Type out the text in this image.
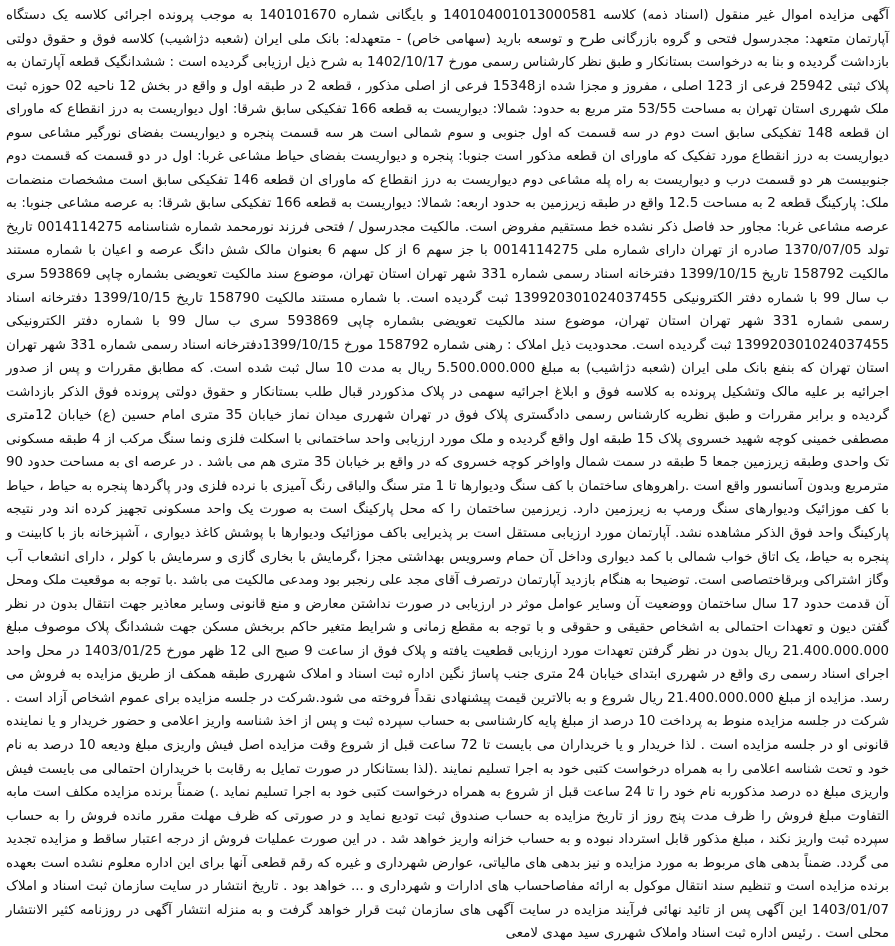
آگهی مزایده اموال غیر منقول (اسناد ذمه) کلاسه 140104001013000581 و بایگانی شماره 140101670 به موجب پرونده اجرائی کلاسه یک دستگاه آپارتمان متعهد: مجدرسول فتحی و گروه بازرگانی طرح و توسعه بارید (سهامی خاص) - متعهدله: بانک ملی ایران (شعبه دژاشیب) کلاسه فوق و حقوق دولتی بازداشت گردیده و بنا به درخواست بستانکار و طبق نظر کارشناس رسمی مورخ 1402/10/17 به شرح ذیل ارزیابی گردیده است : ششدانگیک قطعه آپارتمان به پلاک ثبتی 25942 فرعی از 123 اصلی ، مفروز و مجزا شده از15348 فرعی از اصلی مذکور ، قطعه 2 در طبقه اول و واقع در بخش 12 ناحیه 02 حوزه ثبت ملک شهرری استان تهران به مساحت 53/55 متر مربع به حدود: شمالا: دیواریست به قطعه 166 تفکیکی سابق شرقا: اول دیواریست به درز انقطاع که ماورای ان قطعه 148 تفکیکی سابق است دوم در سه قسمت که اول جنوبی و سوم شمالی است هر سه قسمت پنجره و دیواریست بفضای نورگیر مشاعی سوم دیواریست به درز انقطاع مورد تفکیک که ماورای ان قطعه مذکور است جنوبا: پنجره و دیواریست بفضای حیاط مشاعی غربا: اول در دو قسمت که قسمت دوم جنوبیست هر دو قسمت درب و دیواریست به راه پله مشاعی دوم دیواریست به درز انقطاع که ماورای ان قطعه 146 تفکیکی سابق است مشخصات منضمات ملک: پارکینگ قطعه 2 به مساحت 12.5 واقع در طبقه زیرزمین به حدود اربعه: شمالا: دیواریست به قطعه 166 تفکیکی سابق شرقا: به عرصه مشاعی جنوبا: به عرصه مشاعی غربا: مجاور حد فاصل ذکر نشده خط مستقیم مفروض است. مالکیت مجدرسول / فتحی فرزند نورمحمد شماره شناسنامه 0014114275 تاریخ تولد 1370/07/05 صادره از تهران دارای شماره ملی 0014114275 با جز سهم 6 از کل سهم 6 بعنوان مالک شش دانگ عرصه و اعیان با شماره مستند مالکیت 158792 تاریخ 1399/10/15 دفترخانه اسناد رسمی شماره 331 شهر تهران استان تهران، موضوع سند مالکیت تعویضی بشماره چاپی 593869 سری ب سال 99 با شماره دفتر الکترونیکی 139920301024037455 ثبت گردیده است. با شماره مستند مالکیت 158790 تاریخ 1399/10/15 دفترخانه اسناد رسمی شماره 331 شهر تهران استان تهران، موضوع سند مالکیت تعویضی بشماره چاپی 593869 سری ب سال 99 با شماره دفتر الکترونیکی 139920301024037455 ثبت گردیده است. محدودیت ذیل املاک : رهنی شماره 158792 مورخ 1399/10/15دفترخانه اسناد رسمی شماره 331 شهر تهران استان تهران که بنفع بانک ملی ایران (شعبه دژاشیب) به مبلغ 5.500.000.000 ریال به مدت 10 سال ثبت شده است. که مطابق مقررات و پس از صدور اجرائیه بر علیه مالک وتشکیل پرونده به کلاسه فوق و ابلاغ اجرائیه سهمی در پلاک مذکوردر قبال طلب بستانکار و حقوق دولتی پرونده فوق الذکر بازداشت گردیده و برابر مقررات و طبق نظریه کارشناس رسمی دادگستری پلاک فوق در تهران شهرری میدان نماز خیابان 35 متری امام حسین (ع) خیابان 12متری مصطفی خمینی کوچه شهید خسروی پلاک 15 طبقه اول واقع گردیده و ملک مورد ارزیابی واحد ساختمانی با اسکلت فلزی ونما سنگ مرکب از 4 طبقه مسکونی تک واحدی وطبقه زیرزمین جمعا 5 طبقه در سمت شمال واواخر کوچه خسروی که در واقع بر خیابان 35 متری هم می باشد . در عرصه ای به مساحت حدود 90 مترمربع وبدون آسانسور واقع است .راهروهای ساختمان با کف سنگ ودیوارها تا 1 متر سنگ والباقی رنگ آمیزی با نرده فلزی ودر پاگردها پنجره به حیاط ، حیاط با کف موزائیک ودیوارهای سنگ ورمپ به زیرزمین دارد. زیرزمین ساختمان را که محل پارکینگ است به صورت یک واحد مسکونی تجهیز کرده اند ودر نتیجه پارکینگ واحد فوق الذکر مشاهده نشد. آپارتمان مورد ارزیابی مستقل است بر پذیرایی باکف موزائیک ودیوارها با پوشش کاغذ دیواری ، آشپزخانه باز با کابینت و پنجره به حیاط، یک اتاق خواب شمالی با کمد دیواری وداخل آن حمام وسرویس بهداشتی مجزا ،گرمایش با بخاری گازی و سرمایش با کولر ، دارای انشعاب آب وگاز اشتراکی وبرقاختصاصی است. توضیحا به هنگام بازدید آپارتمان درتصرف آقای مجد علی رنجبر بود ومدعی مالکیت می باشد .با توجه به موقعیت ملک ومحل آن قدمت حدود 17 سال ساختمان ووضعیت آن وسایر عوامل موثر در ارزیابی در صورت نداشتن معارض و منع قانونی وسایر معاذیر جهت انتقال بدون در نظر گفتن دیون و تعهدات احتمالی به اشخاص حقیقی و حقوقی و با توجه به مقطع زمانی و شرایط متغیر حاکم بربخش مسکن جهت ششدانگ پلاک موصوف مبلغ 21.400.000.000 ریال بدون در نظر گرفتن تعهدات مورد ارزیابی قطعیت یافته و پلاک فوق از ساعت 9 صبح الی 12 ظهر مورخ 1403/01/25 در محل واحد اجرای اسناد رسمی ری واقع در شهرری ابتدای خیابان 24 متری جنب پاساژ نگین اداره ثبت اسناد و املاک شهرری طبقه همکف از طریق مزایده به فروش می رسد. مزایده از مبلغ 21.400.000.000 ریال شروع و به بالاترین قیمت پیشنهادی نقداً فروخته می شود.شرکت در جلسه مزایده برای عموم اشخاص آزاد است . شرکت در جلسه مزایده منوط به پرداخت 10 درصد از مبلغ پایه کارشناسی به حساب سپرده ثبت و پس از اخذ شناسه واریز اعلامی و حضور خریدار و یا نماینده قانونی او در جلسه مزایده است . لذا خریدار و یا خریداران می بایست تا 72 ساعت قبل از شروع وقت مزایده اصل فیش واریزی مبلغ ودیعه 10 درصد به نام خود و تحت شناسه اعلامی را به همراه درخواست کتبی خود به اجرا تسلیم نمایند .(لذا بستانکار در صورت تمایل به رقابت با خریداران احتمالی می بایست فیش واریزی مبلغ ده درصد مذکوربه نام خود را تا 24 ساعت قبل از شروع به همراه درخواست کتبی خود به اجرا تسلیم نماید .) ضمناً برنده مزایده مکلف است مابه التفاوت مبلغ فروش را ظرف مدت پنج روز از تاریخ مزایده به حساب صندوق ثبت تودیع نماید و در صورتی که ظرف مهلت مقرر مانده فروش را به حساب سپرده ثبت واریز نکند ، مبلغ مذکور قابل استرداد نبوده و به حساب خزانه واریز خواهد شد . در این صورت عملیات فروش از درجه اعتبار ساقط و مزایده تجدید می گردد. ضمناً بدهی های مربوط به مورد مزایده و نیز بدهی های مالیاتی، عوارض شهرداری و غیره که رقم قطعی آنها برای این اداره معلوم نشده است بعهده برنده مزایده است و تنظیم سند انتقال موکول به ارائه مفاصاحساب های ادارات و شهرداری و ... خواهد بود . تاریخ انتشار در سایت سازمان ثبت اسناد و املاک 1403/01/07 این آگهی پس از تائید نهائی فرآیند مزایده در سایت آگهی های سازمان ثبت قرار خواهد گرفت و به منزله انتشار آگهی در روزنامه کثیر الانتشار محلی است . رئیس اداره ثبت اسناد واملاک شهرری سید مهدی لامعی
